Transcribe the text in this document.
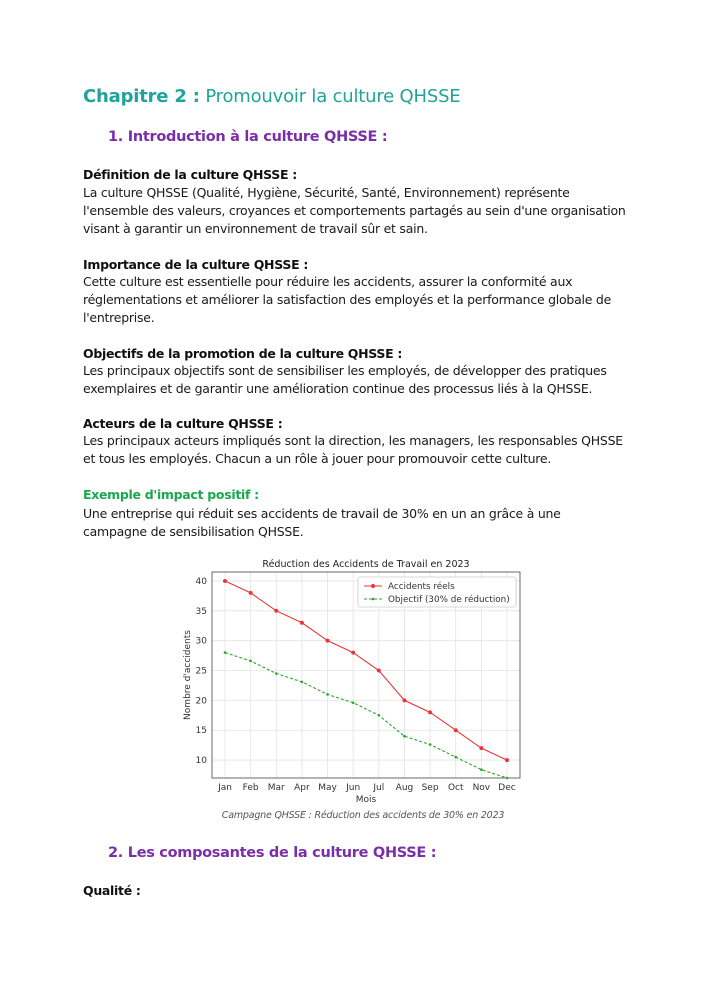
Chapitre 2 : Promouvoir la culture QHSSE
1. Introduction à la culture QHSSE :
Définition de la culture QHSSE :
La culture QHSSE (Qualité, Hygiène, Sécurité, Santé, Environnement) représente l'ensemble des valeurs, croyances et comportements partagés au sein d'une organisation visant à garantir un environnement de travail sûr et sain.
Importance de la culture QHSSE :
Cette culture est essentielle pour réduire les accidents, assurer la conformité aux réglementations et améliorer la satisfaction des employés et la performance globale de l'entreprise.
Objectifs de la promotion de la culture QHSSE :
Les principaux objectifs sont de sensibiliser les employés, de développer des pratiques exemplaires et de garantir une amélioration continue des processus liés à la QHSSE.
Acteurs de la culture QHSSE :
Les principaux acteurs impliqués sont la direction, les managers, les responsables QHSSE et tous les employés. Chacun a un rôle à jouer pour promouvoir cette culture.
Exemple d'impact positif :
Une entreprise qui réduit ses accidents de travail de 30% en un an grâce à une campagne de sensibilisation QHSSE.
Réduction des Accidents de Travail en 2023
10
15
20
25
30
35
40
Jan Feb Mar Apr May Jun Jul Aug Sep Oct Nov Dec
Mois
Nombre d'accidents
Accidents réels
Objectif (30% de réduction)
Campagne QHSSE : Réduction des accidents de 30% en 2023
2. Les composantes de la culture QHSSE :
Qualité :
